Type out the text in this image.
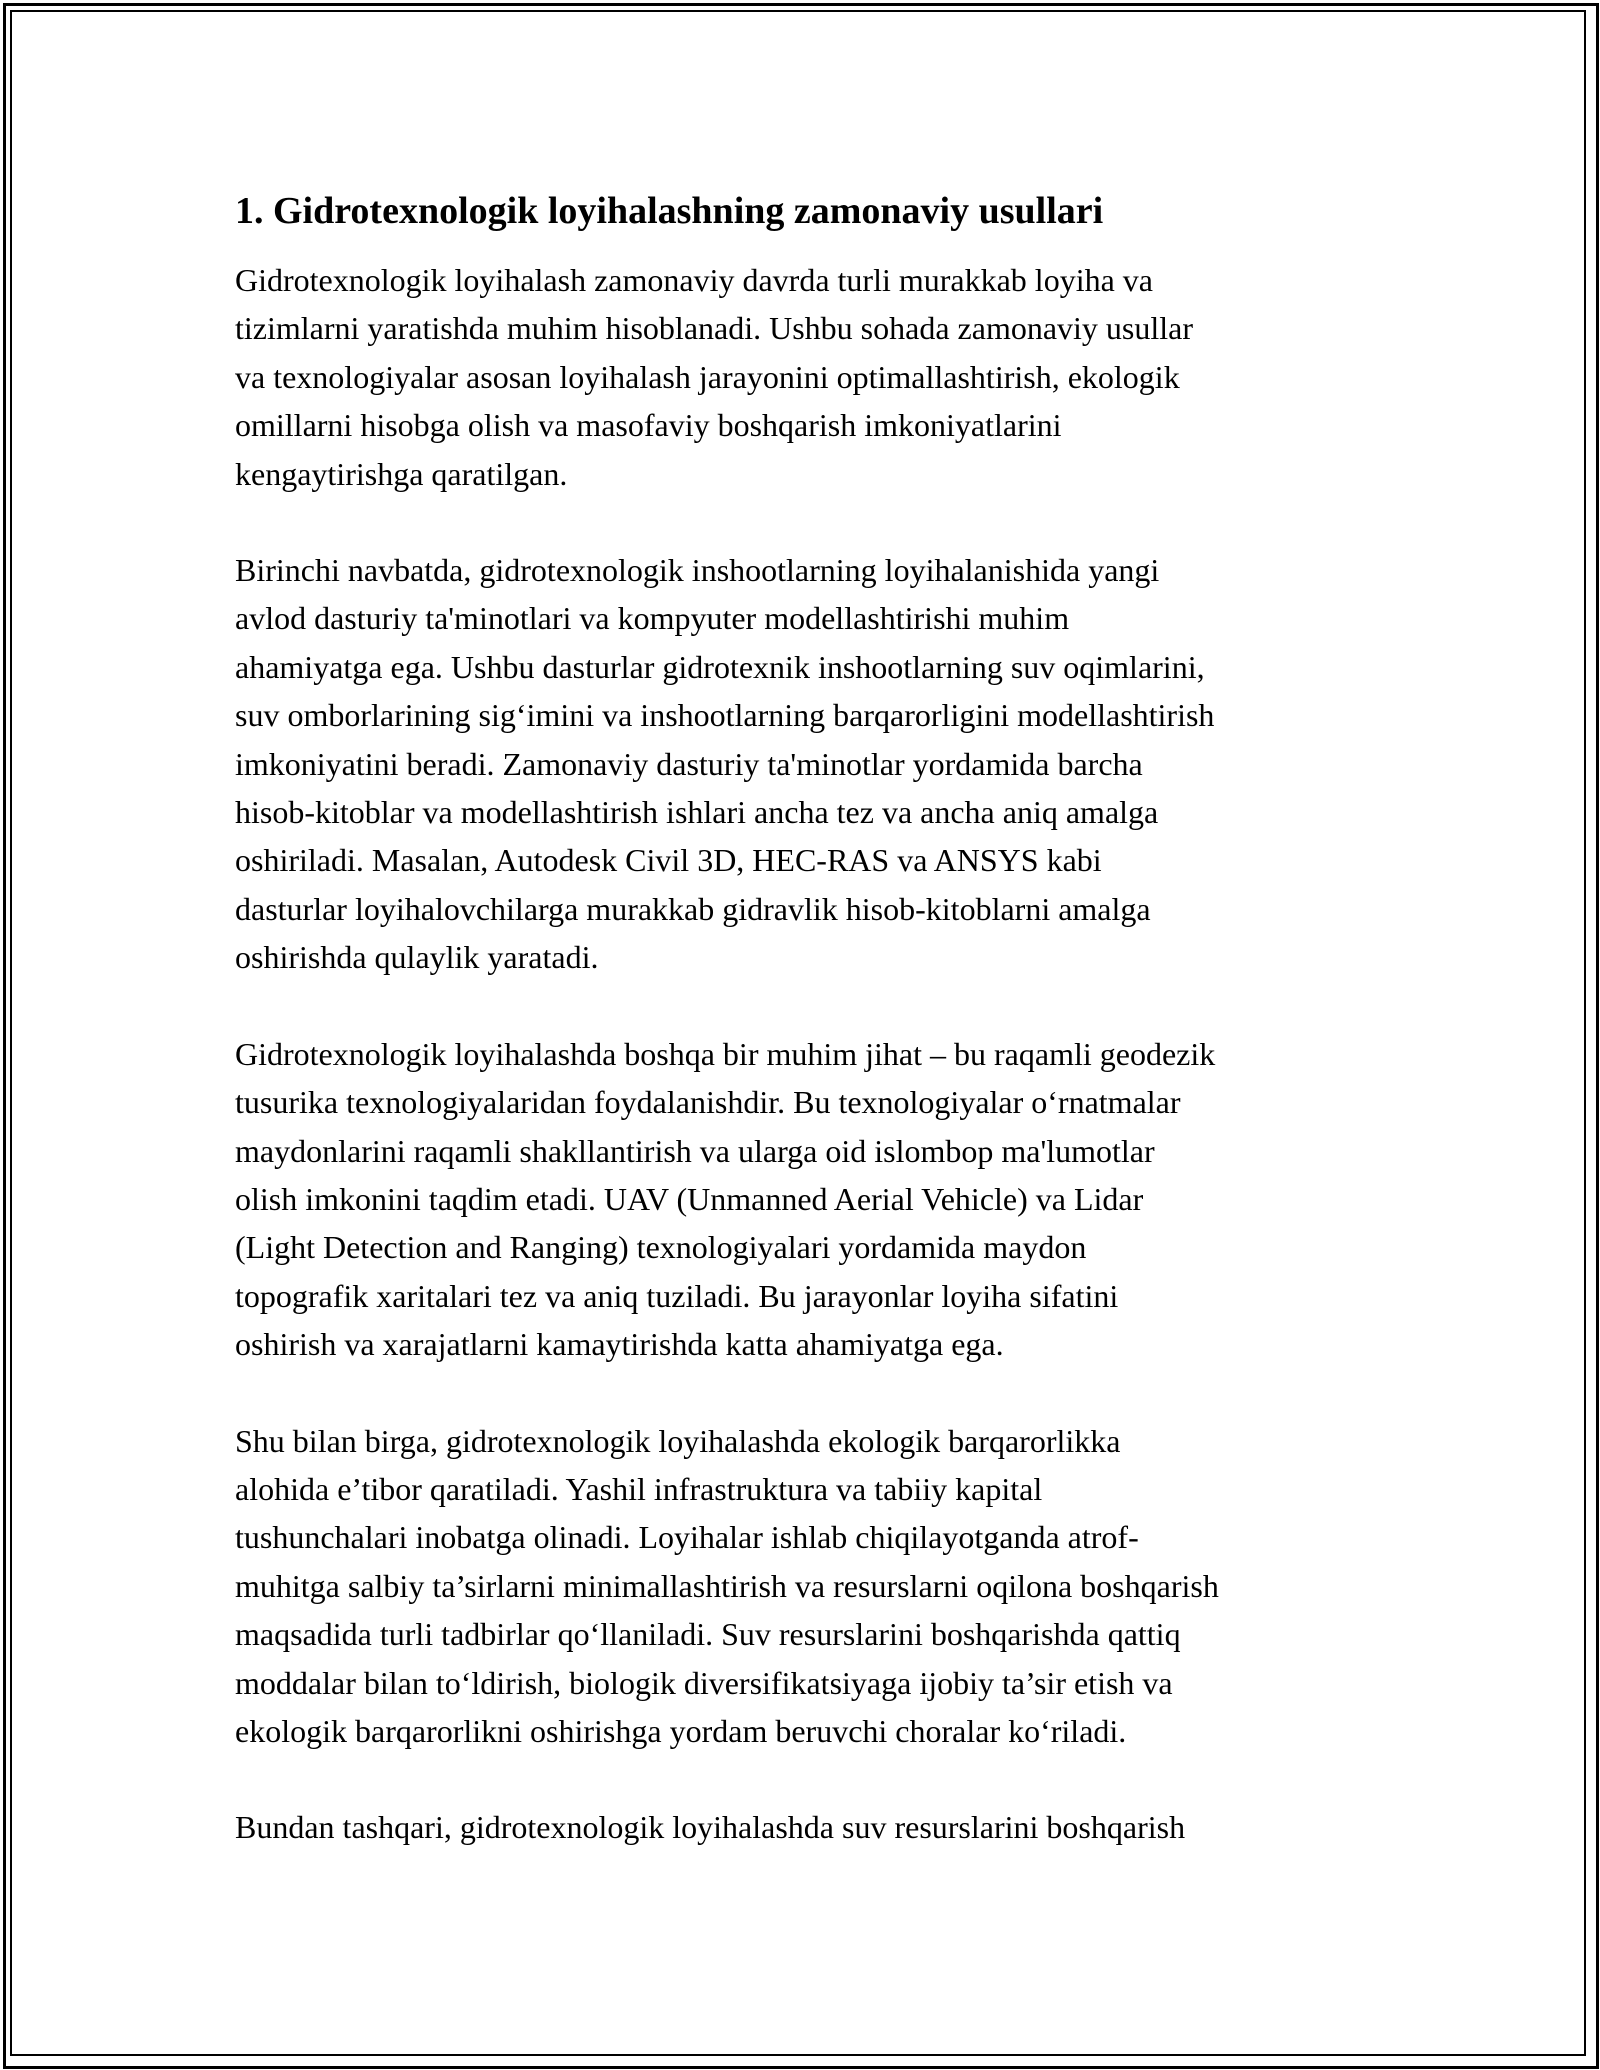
1. Gidrotexnologik loyihalashning zamonaviy usullari

Gidrotexnologik loyihalash zamonaviy davrda turli murakkab loyiha va
tizimlarni yaratishda muhim hisoblanadi. Ushbu sohada zamonaviy usullar
va texnologiyalar asosan loyihalash jarayonini optimallashtirish, ekologik
omillarni hisobga olish va masofaviy boshqarish imkoniyatlarini
kengaytirishga qaratilgan.

Birinchi navbatda, gidrotexnologik inshootlarning loyihalanishida yangi
avlod dasturiy ta'minotlari va kompyuter modellashtirishi muhim
ahamiyatga ega. Ushbu dasturlar gidrotexnik inshootlarning suv oqimlarini,
suv omborlarining sig‘imini va inshootlarning barqarorligini modellashtirish
imkoniyatini beradi. Zamonaviy dasturiy ta'minotlar yordamida barcha
hisob-kitoblar va modellashtirish ishlari ancha tez va ancha aniq amalga
oshiriladi. Masalan, Autodesk Civil 3D, HEC-RAS va ANSYS kabi
dasturlar loyihalovchilarga murakkab gidravlik hisob-kitoblarni amalga
oshirishda qulaylik yaratadi.

Gidrotexnologik loyihalashda boshqa bir muhim jihat – bu raqamli geodezik
tusurika texnologiyalaridan foydalanishdir. Bu texnologiyalar o‘rnatmalar
maydonlarini raqamli shakllantirish va ularga oid islombop ma'lumotlar
olish imkonini taqdim etadi. UAV (Unmanned Aerial Vehicle) va Lidar
(Light Detection and Ranging) texnologiyalari yordamida maydon
topografik xaritalari tez va aniq tuziladi. Bu jarayonlar loyiha sifatini
oshirish va xarajatlarni kamaytirishda katta ahamiyatga ega.

Shu bilan birga, gidrotexnologik loyihalashda ekologik barqarorlikka
alohida e’tibor qaratiladi. Yashil infrastruktura va tabiiy kapital
tushunchalari inobatga olinadi. Loyihalar ishlab chiqilayotganda atrof-
muhitga salbiy ta’sirlarni minimallashtirish va resurslarni oqilona boshqarish
maqsadida turli tadbirlar qo‘llaniladi. Suv resurslarini boshqarishda qattiq
moddalar bilan to‘ldirish, biologik diversifikatsiyaga ijobiy ta’sir etish va
ekologik barqarorlikni oshirishga yordam beruvchi choralar ko‘riladi.

Bundan tashqari, gidrotexnologik loyihalashda suv resurslarini boshqarish
